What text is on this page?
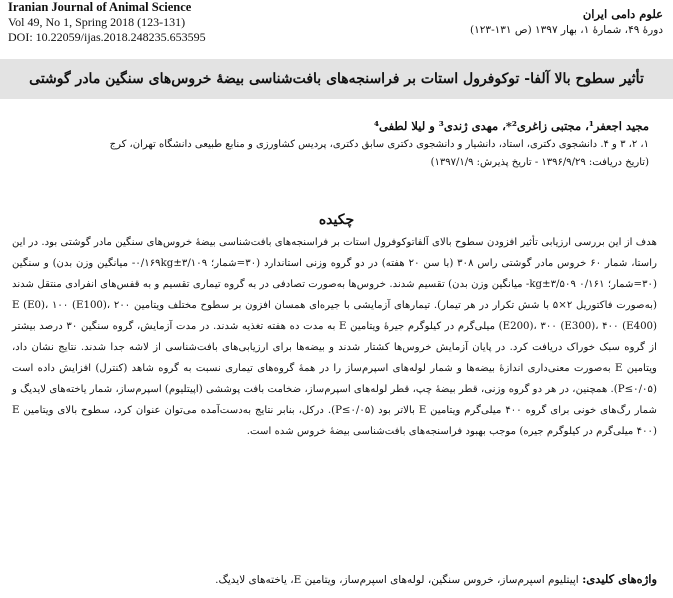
Iranian Journal of Animal Science
Vol 49, No 1, Spring 2018 (123-131)
DOI: 10.22059/ijas.2018.248235.653595
علوم دامی ایران
دورۀ ۴۹، شمارۀ ۱، بهار ۱۳۹۷ (ص ۱۳۱-۱۲۳)
تأثیر سطوح بالا آلفا- توکوفرول استات بر فراسنجه‌های بافت‌شناسی بیضۀ خروس‌های سنگین مادر گوشتی
مجید اجعفر¹، مجتبی زاغری²*، مهدی ژندی³ و لیلا لطفی⁴
۱، ۲، ۳ و ۴. دانشجوی دکتری، استاد، دانشیار و دانشجوی دکتری سابق دکتری، پردیس کشاورزی و منابع طبیعی دانشگاه تهران، کرج
(تاریخ دریافت: ۱۳۹۶/۹/۲۹ - تاریخ پذیرش: ۱۳۹۷/۱/۹)
چکیده
هدف از این بررسی ارزیابی تأثیر افزودن سطوح بالای آلفاتوکوفرول استات بر فراسنجه‌های بافت‌شناسی بیضۀ خروس‌های سنگین مادر گوشتی بود. در این راستا، شمار ۶۰ خروس مادر گوشتی راس ۳۰۸ (با سن ۲۰ هفته) در دو گروه وزنی استاندارد (۳۰=شمار؛ ۰/۱۶۹kg±۳/۱۰۹- میانگین وزن بدن) و سنگین (۳۰=شمار؛ ۰/۱۶۱ kg±۳/۵۰۹- میانگین وزن بدن) تقسیم شدند. خروس‌ها به‌صورت تصادفی در به گروه تیماری تقسیم و به قفس‌های انفرادی منتقل شدند (به‌صورت فاکتوریل ۲×۵ با شش تکرار در هر تیمار). تیمارهای آزمایشی با جیره‌ای همسان افزون بر سطوح مختلف ویتامین E (E0)، ۱۰۰ (E100)، ۲۰۰ (E200)، ۳۰۰ (E300)، ۴۰۰ (E400) میلی‌گرم در کیلوگرم جیرۀ ویتامین E به مدت ده هفته تغذیه شدند. در مدت آزمایش، گروه سنگین ۳۰ درصد بیشتر از گروه سبک خوراک دریافت کرد. در پایان آزمایش خروس‌ها کشتار شدند و بیضه‌ها برای ارزیابی‌های بافت‌شناسی از لاشه جدا شدند. نتایج نشان داد، ویتامین E به‌صورت معنی‌داری اندازۀ بیضه‌ها و شمار لوله‌های اسپرم‌ساز را در همۀ گروه‌های تیماری نسبت به گروه شاهد (کنترل) افزایش داده است (P≤۰/۰۵). همچنین، در هر دو گروه وزنی، قطر بیضۀ چپ، قطر لوله‌های اسپرم‌ساز، ضخامت بافت پوششی (اپیتلیوم) اسپرم‌ساز، شمار یاخته‌های لایدیگ و شمار رگ‌های خونی برای گروه ۴۰۰ میلی‌گرم ویتامین E بالاتر بود (P≤۰/۰۵). درکل، بنابر نتایج به‌دست‌آمده می‌توان عنوان کرد، سطوح بالای ویتامین E (۴۰۰ میلی‌گرم در کیلوگرم جیره) موجب بهبود فراسنجه‌های بافت‌شناسی بیضۀ خروس شده است.
واژه‌های کلیدی: اپیتلیوم اسپرم‌ساز، خروس سنگین، لوله‌های اسپرم‌ساز، ویتامین E، یاخته‌های لایدیگ.
